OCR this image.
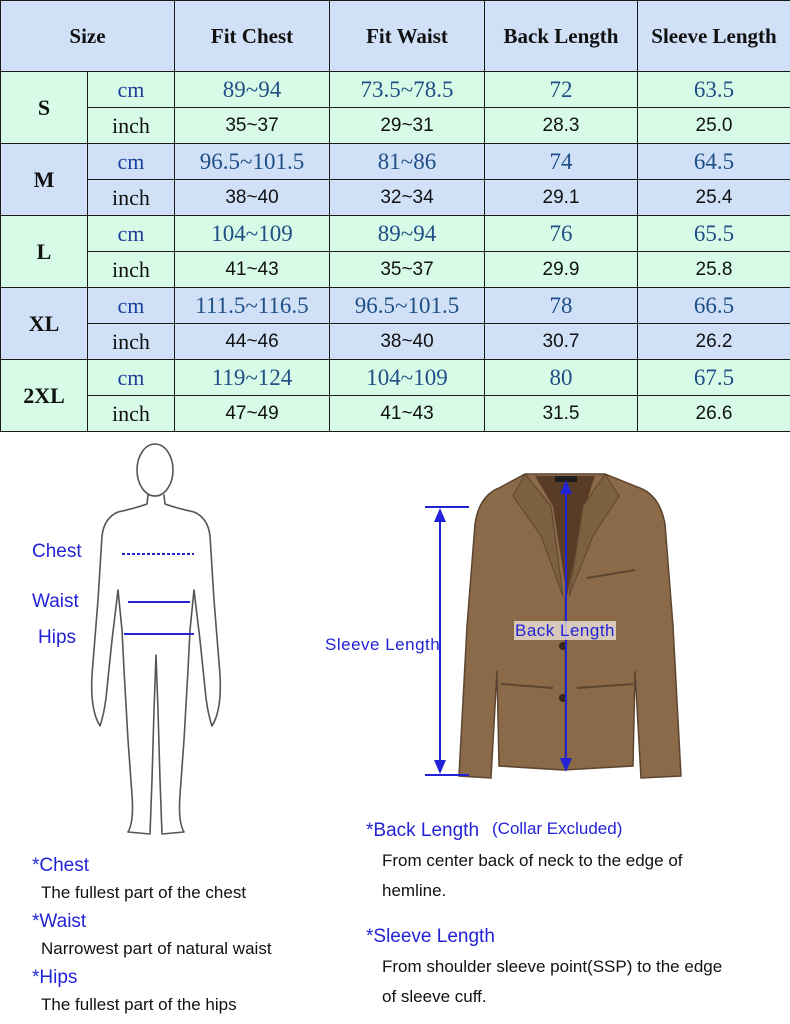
Size		Fit Chest	Fit Waist	Back Length	Sleeve Length
S	cm	89~94	73.5~78.5	72	63.5
	inch	35~37	29~31	28.3	25.0
M	cm	96.5~101.5	81~86	74	64.5
	inch	38~40	32~34	29.1	25.4
L	cm	104~109	89~94	76	65.5
	inch	41~43	35~37	29.9	25.8
XL	cm	111.5~116.5	96.5~101.5	78	66.5
	inch	44~46	38~40	30.7	26.2
2XL	cm	119~124	104~109	80	67.5
	inch	47~49	41~43	31.5	26.6
Chest
Waist
Hips	Sleeve Length
Back Length
*Chest
The fullest part of the chest
*Waist
Narrowest part of natural waist
*Hips
The fullest part of the hips
*Back Length (Collar Excluded)
From center back of neck to the edge of
hemline.
*Sleeve Length
From shoulder sleeve point(SSP) to the edge
of sleeve cuff.
